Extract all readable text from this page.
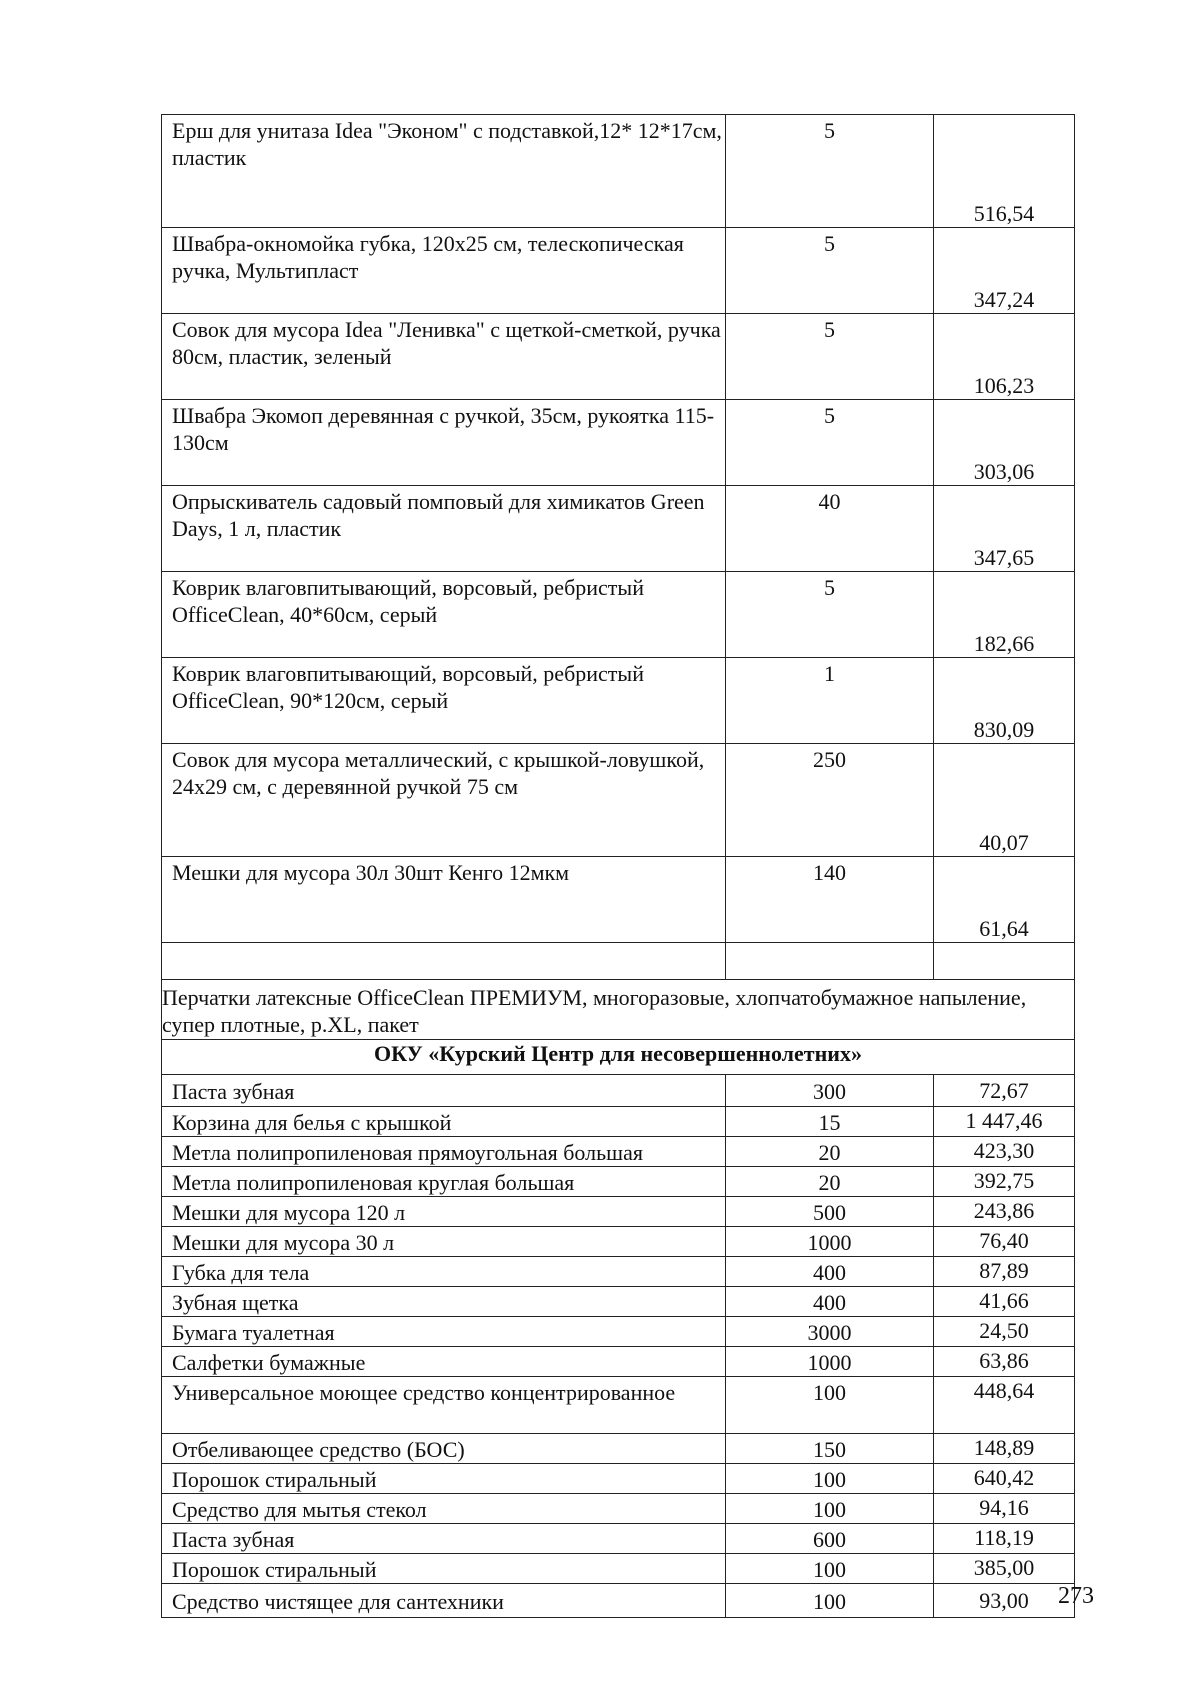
Ерш для унитаза Idea "Эконом" с подставкой,12* 12*17см, пластик	5	516,54
Швабра-окномойка губка, 120х25 см, телескопическая ручка, Мультипласт	5	347,24
Совок для мусора Idea "Ленивка" с щеткой-сметкой, ручка 80см, пластик, зеленый	5	106,23
Швабра Экомоп деревянная с ручкой, 35см, рукоятка 115-130см	5	303,06
Опрыскиватель садовый помповый для химикатов Green Days, 1 л, пластик	40	347,65
Коврик влаговпитывающий, ворсовый, ребристый OfficeClean, 40*60см, серый	5	182,66
Коврик влаговпитывающий, ворсовый, ребристый OfficeClean, 90*120см, серый	1	830,09
Совок для мусора металлический, с крышкой-ловушкой, 24х29 см, с деревянной ручкой 75 см	250	40,07
Мешки для мусора 30л 30шт Кенго 12мкм	140	61,64

Перчатки латексные OfficeClean ПРЕМИУМ, многоразовые, хлопчатобумажное напыление, супер плотные, р.XL, пакет		
ОКУ «Курский Центр для несовершеннолетних»		
Паста зубная	300	72,67
Корзина для белья с крышкой	15	1 447,46
Метла полипропиленовая прямоугольная большая	20	423,30
Метла полипропиленовая круглая большая	20	392,75
Мешки для мусора 120 л	500	243,86
Мешки для мусора 30 л	1000	76,40
Губка для тела	400	87,89
Зубная щетка	400	41,66
Бумага туалетная	3000	24,50
Салфетки бумажные	1000	63,86
Универсальное моющее средство концентрированное	100	448,64
Отбеливающее средство (БОС)	150	148,89
Порошок стиральный	100	640,42
Средство для мытья стекол	100	94,16
Паста зубная	600	118,19
Порошок стиральный	100	385,00
Средство чистящее для сантехники	100	93,00 273
